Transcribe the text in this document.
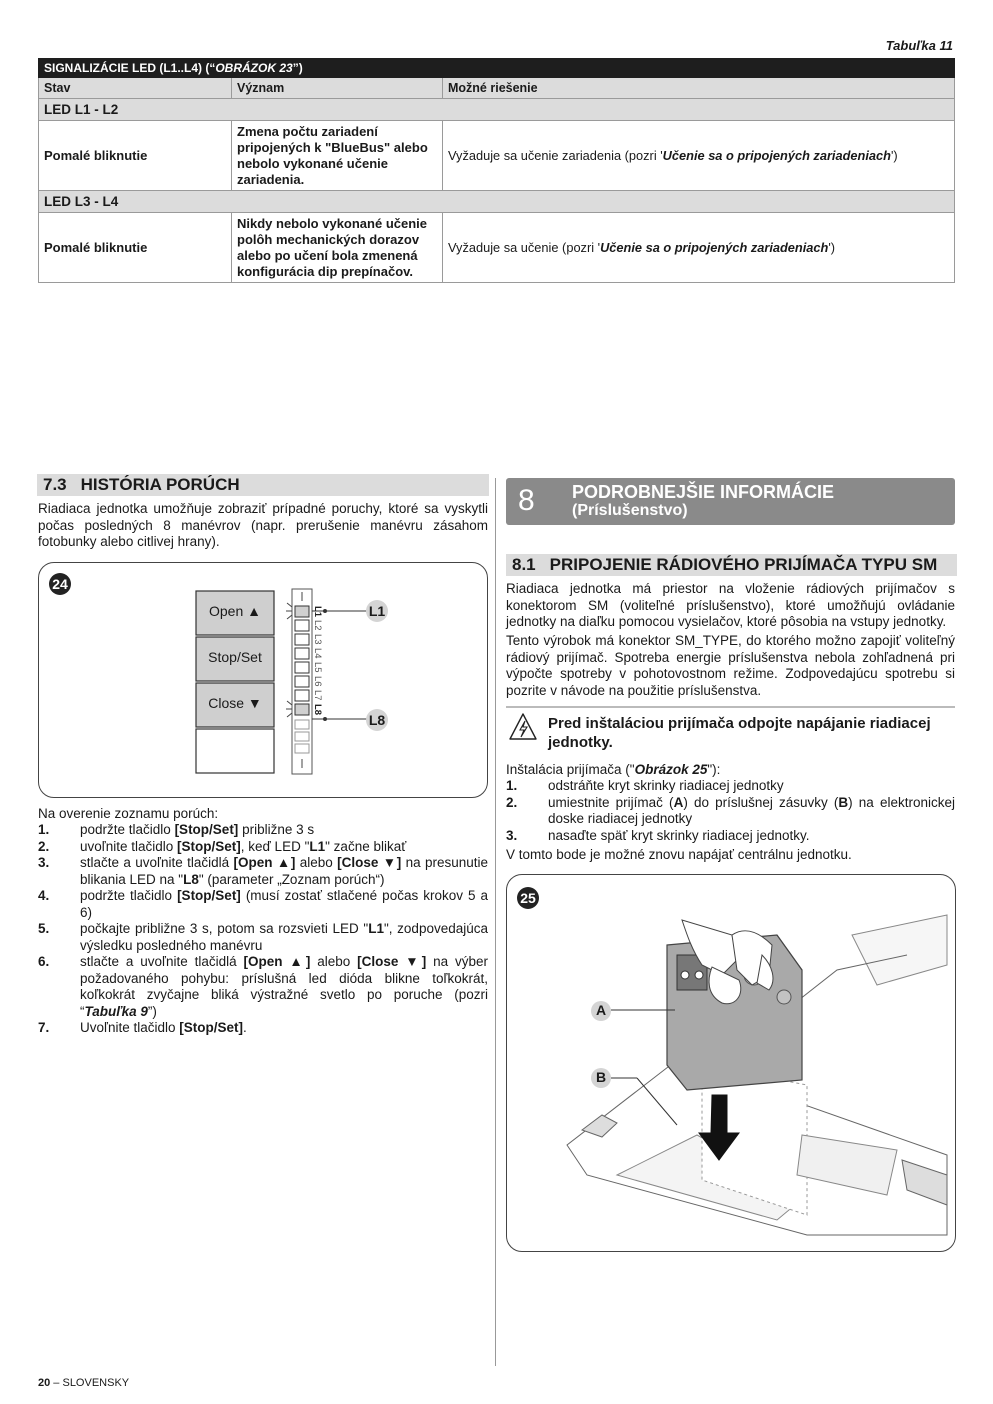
Tabuľka 11
SIGNALIZÁCIE LED (L1..L4) (“OBRÁZOK 23”)		
Stav	Význam	Možné riešenie
LED L1 - L2		
Pomalé bliknutie	Zmena počtu zariadení pripojených k "BlueBus" alebo nebolo vykonané učenie zariadenia.	Vyžaduje sa učenie zariadenia (pozri 'Učenie sa o pripojených zariadeniach')
LED L3 - L4		
Pomalé bliknutie	Nikdy nebolo vykonané učenie polôh mechanických dorazov alebo po učení bola zmenená konfigurácia dip prepínačov.	Vyžaduje sa učenie (pozri 'Učenie sa o pripojených zariadeniach')
7.3 HISTÓRIA PORÚCH
Riadiaca jednotka umožňuje zobraziť prípadné poruchy, ktoré sa vyskytli počas posledných 8 manévrov (napr. prerušenie manévru zásahom fotobunky alebo citlivej hrany).
24
Open ▲
Stop/Set
Close ▼
L1
L2
L3
L4
L5
L6
L7
L8
L1
L8
Na overenie zoznamu porúch:
1. podržte tlačidlo [Stop/Set] približne 3 s
2. uvoľnite tlačidlo [Stop/Set], keď LED "L1" začne blikať
3. stlačte a uvoľnite tlačidlá [Open ▲] alebo [Close ▼] na presunutie blikania LED na "L8" (parameter „Zoznam porúch“)
4. podržte tlačidlo [Stop/Set] (musí zostať stlačené počas krokov 5 a 6)
5. počkajte približne 3 s, potom sa rozsvieti LED "L1", zodpovedajúca výsledku posledného manévru
6. stlačte a uvoľnite tlačidlá [Open ▲] alebo [Close ▼] na výber požadovaného pohybu: príslušná led dióda blikne toľkokrát, koľkokrát zvyčajne bliká výstražné svetlo po poruche (pozri “Tabuľka 9”)
7. Uvoľnite tlačidlo [Stop/Set].
8 PODROBNEJŠIE INFORMÁCIE
(Príslušenstvo)
8.1 PRIPOJENIE RÁDIOVÉHO PRIJÍMAČA TYPU SM
Riadiaca jednotka má priestor na vloženie rádiových prijímačov s konektorom SM (voliteľné príslušenstvo), ktoré umožňujú ovládanie jednotky na diaľku pomocou vysielačov, ktoré pôsobia na vstupy jednotky.
Tento výrobok má konektor SM_TYPE, do ktorého možno zapojiť voliteľný rádiový prijímač. Spotreba energie príslušenstva nebola zohľadnená pri výpočte spotreby v pohotovostnom režime. Zodpovedajúcu spotrebu si pozrite v návode na použitie príslušenstva.
Pred inštaláciou prijímača odpojte napájanie riadiacej jednotky.
Inštalácia prijímača ("Obrázok 25"):
1. odstráňte kryt skrinky riadiacej jednotky
2. umiestnite prijímač (A) do príslušnej zásuvky (B) na elektronickej doske riadiacej jednotky
3. nasaďte späť kryt skrinky riadiacej jednotky.
V tomto bode je možné znovu napájať centrálnu jednotku.
25
A
B
20 – SLOVENSKY
